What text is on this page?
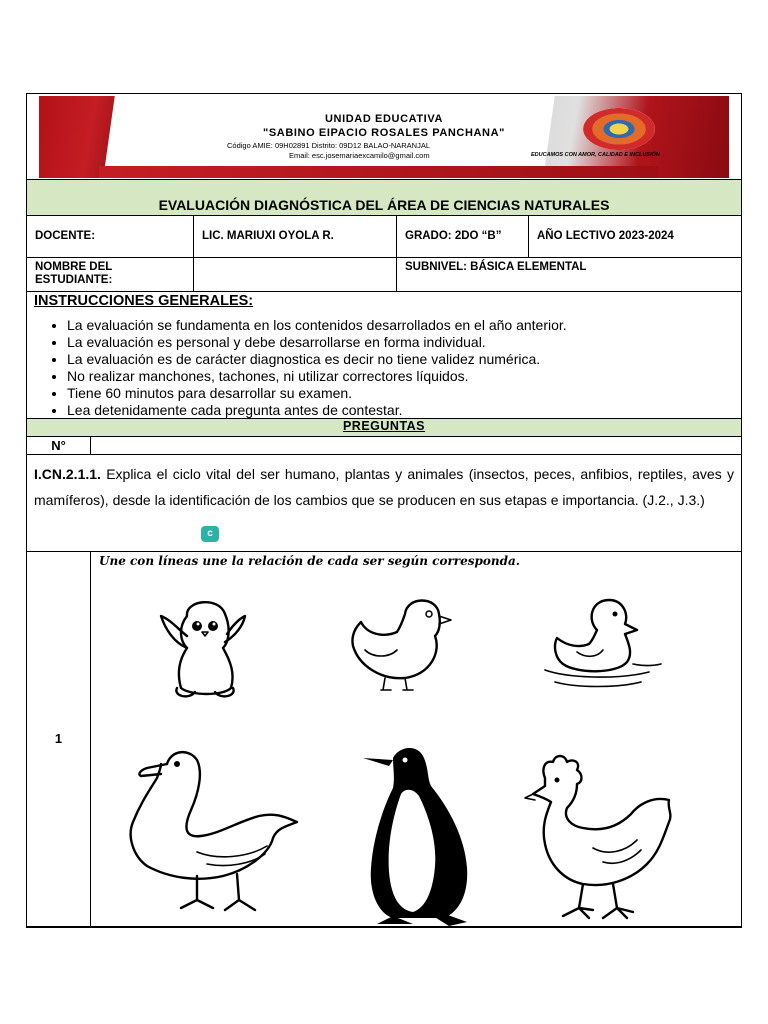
UNIDAD EDUCATIVA
"SABINO EIPACIO ROSALES PANCHANA"
Código AMIE: 09H02891 Distrito: 09D12 BALAO-NARANJAL
Email: esc.josemariaexcamilo@gmail.com	EDUCAMOS CON AMOR, CALIDAD E INCLUSIÓN
EVALUACIÓN DIAGNÓSTICA DEL ÁREA DE CIENCIAS NATURALES
DOCENTE:	LIC. MARIUXI OYOLA R.	GRADO: 2DO “B”	AÑO LECTIVO 2023-2024
NOMBRE DEL ESTUDIANTE:
SUBNIVEL: BÁSICA ELEMENTAL
INSTRUCCIONES GENERALES:
• La evaluación se fundamenta en los contenidos desarrollados en el año anterior.
• La evaluación es personal y debe desarrollarse en forma individual.
• La evaluación es de carácter diagnostica es decir no tiene validez numérica.
• No realizar manchones, tachones, ni utilizar correctores líquidos.
• Tiene 60 minutos para desarrollar su examen.
• Lea detenidamente cada pregunta antes de contestar.
PREGUNTAS
N°
I.CN.2.1.1. Explica el ciclo vital del ser humano, plantas y animales (insectos, peces, anfibios, reptiles, aves y mamíferos), desde la identificación de los cambios que se producen en sus etapas e importancia. (J.2., J.3.)
c
1
Une con líneas une la relación de cada ser según corresponda.
